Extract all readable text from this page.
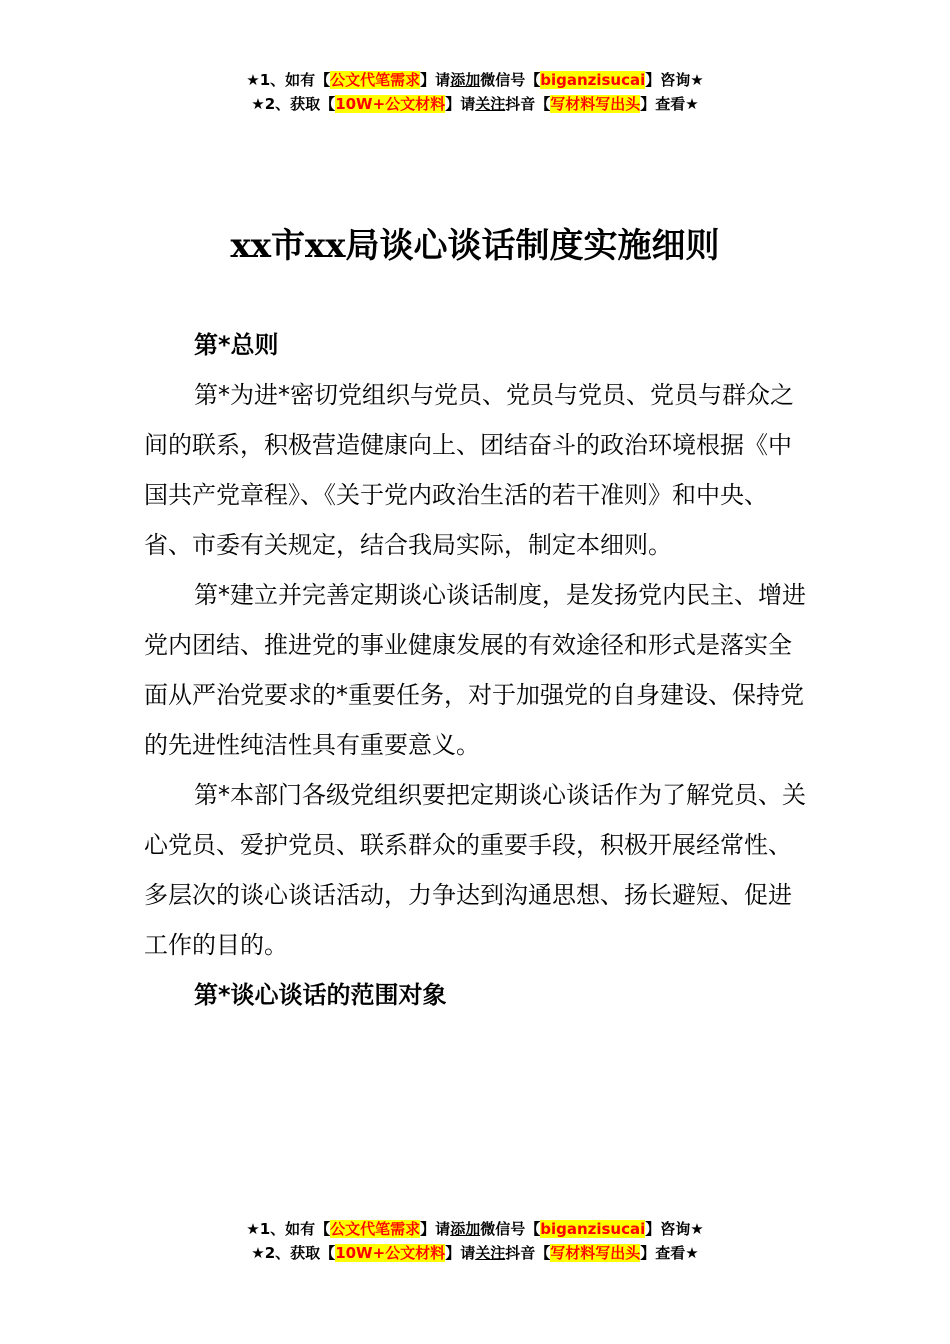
★1、如有【公文代笔需求】请添加微信号【biganzisucai】咨询★
★2、获取【10W+公文材料】请关注抖音【写材料写出头】查看★
xx市xx局谈心谈话制度实施细则

第*总则

第*为进*密切党组织与党员、党员与党员、党员与群众之间的联系，积极营造健康向上、团结奋斗的政治环境根据《中国共产党章程》、《关于党内政治生活的若干准则》和中央、省、市委有关规定，结合我局实际，制定本细则。

第*建立并完善定期谈心谈话制度，是发扬党内民主、增进党内团结、推进党的事业健康发展的有效途径和形式是落实全面从严治党要求的*重要任务，对于加强党的自身建设、保持党的先进性纯洁性具有重要意义。

第*本部门各级党组织要把定期谈心谈话作为了解党员、关心党员、爱护党员、联系群众的重要手段，积极开展经常性、多层次的谈心谈话活动，力争达到沟通思想、扬长避短、促进工作的目的。

第*谈心谈话的范围对象

★1、如有【公文代笔需求】请添加微信号【biganzisucai】咨询★
★2、获取【10W+公文材料】请关注抖音【写材料写出头】查看★
